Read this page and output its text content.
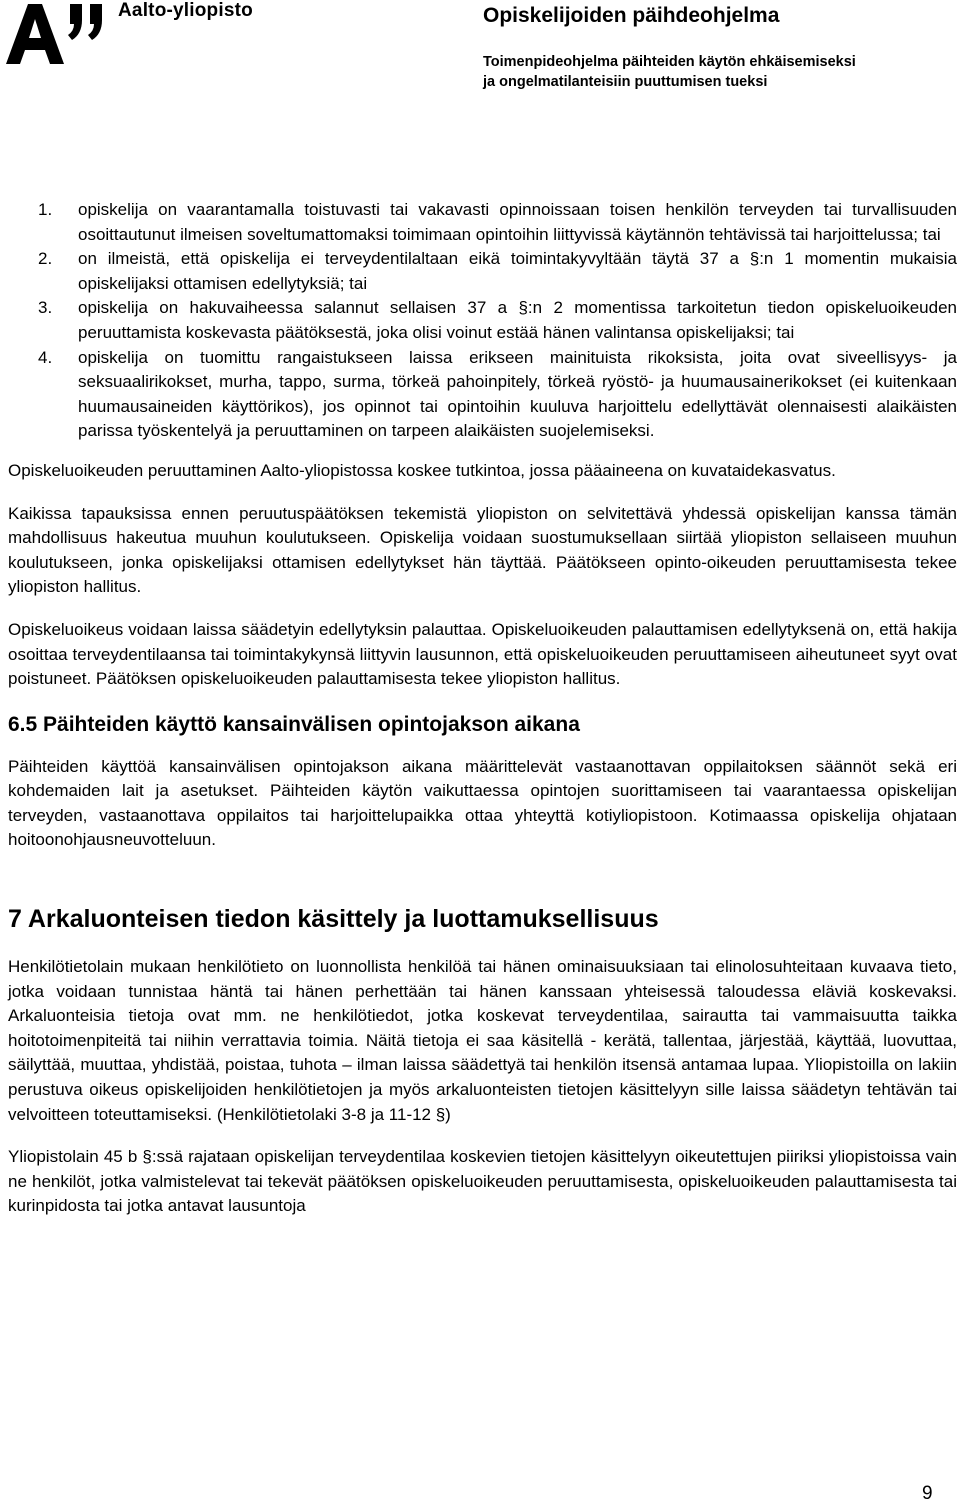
Aalto-yliopisto	Opiskelijoiden päihdeohjelma
Toimenpideohjelma päihteiden käytön ehkäisemiseksi
ja ongelmatilanteisiin puuttumisen tueksi
1. opiskelija on vaarantamalla toistuvasti tai vakavasti opinnoissaan toisen henkilön terveyden tai turvallisuuden osoittautunut ilmeisen soveltumattomaksi toimimaan opintoihin liittyvissä käytännön tehtävissä tai harjoittelussa; tai
2. on ilmeistä, että opiskelija ei terveydentilaltaan eikä toimintakyvyltään täytä 37 a §:n 1 momentin mukaisia opiskelijaksi ottamisen edellytyksiä; tai
3. opiskelija on hakuvaiheessa salannut sellaisen 37 a §:n 2 momentissa tarkoitetun tiedon opiskeluoikeuden peruuttamista koskevasta päätöksestä, joka olisi voinut estää hänen valintansa opiskelijaksi; tai
4. opiskelija on tuomittu rangaistukseen laissa erikseen mainituista rikoksista, joita ovat siveellisyys- ja seksuaalirikokset, murha, tappo, surma, törkeä pahoinpitely, törkeä ryöstö- ja huumausainerikokset (ei kuitenkaan huumausaineiden käyttörikos), jos opinnot tai opintoihin kuuluva harjoittelu edellyttävät olennaisesti alaikäisten parissa työskentelyä ja peruuttaminen on tarpeen alaikäisten suojelemiseksi.

Opiskeluoikeuden peruuttaminen Aalto-yliopistossa koskee tutkintoa, jossa pääaineena on kuvataidekasvatus.

Kaikissa tapauksissa ennen peruutuspäätöksen tekemistä yliopiston on selvitettävä yhdessä opiskelijan kanssa tämän mahdollisuus hakeutua muuhun koulutukseen. Opiskelija voidaan suostumuksellaan siirtää yliopiston sellaiseen muuhun koulutukseen, jonka opiskelijaksi ottamisen edellytykset hän täyttää. Päätökseen opinto-oikeuden peruuttamisesta tekee yliopiston hallitus.

Opiskeluoikeus voidaan laissa säädetyin edellytyksin palauttaa. Opiskeluoikeuden palauttamisen edellytyksenä on, että hakija osoittaa terveydentilaansa tai toimintakykynsä liittyvin lausunnon, että opiskeluoikeuden peruuttamiseen aiheutuneet syyt ovat poistuneet. Päätöksen opiskeluoikeuden palauttamisesta tekee yliopiston hallitus.

6.5 Päihteiden käyttö kansainvälisen opintojakson aikana

Päihteiden käyttöä kansainvälisen opintojakson aikana määrittelevät vastaanottavan oppilaitoksen säännöt sekä eri kohdemaiden lait ja asetukset. Päihteiden käytön vaikuttaessa opintojen suorittamiseen tai vaarantaessa opiskelijan terveyden, vastaanottava oppilaitos tai harjoittelupaikka ottaa yhteyttä kotiyliopistoon. Kotimaassa opiskelija ohjataan hoitoonohjausneuvotteluun.

7 Arkaluonteisen tiedon käsittely ja luottamuksellisuus

Henkilötietolain mukaan henkilötieto on luonnollista henkilöä tai hänen ominaisuuksiaan tai elinolosuhteitaan kuvaava tieto, jotka voidaan tunnistaa häntä tai hänen perhettään tai hänen kanssaan yhteisessä taloudessa eläviä koskevaksi. Arkaluonteisia tietoja ovat mm. ne henkilötiedot, jotka koskevat terveydentilaa, sairautta tai vammaisuutta taikka hoitotoimenpiteitä tai niihin verrattavia toimia. Näitä tietoja ei saa käsitellä - kerätä, tallentaa, järjestää, käyttää, luovuttaa, säilyttää, muuttaa, yhdistää, poistaa, tuhota – ilman laissa säädettyä tai henkilön itsensä antamaa lupaa. Yliopistoilla on lakiin perustuva oikeus opiskelijoiden henkilötietojen ja myös arkaluonteisten tietojen käsittelyyn sille laissa säädetyn tehtävän tai velvoitteen toteuttamiseksi. (Henkilötietolaki 3-8 ja 11-12 §)

Yliopistolain 45 b §:ssä rajataan opiskelijan terveydentilaa koskevien tietojen käsittelyyn oikeutettujen piiriksi yliopistoissa vain ne henkilöt, jotka valmistelevat tai tekevät päätöksen opiskeluoikeuden peruuttamisesta, opiskeluoikeuden palauttamisesta tai kurinpidosta tai jotka antavat lausuntoja

9
